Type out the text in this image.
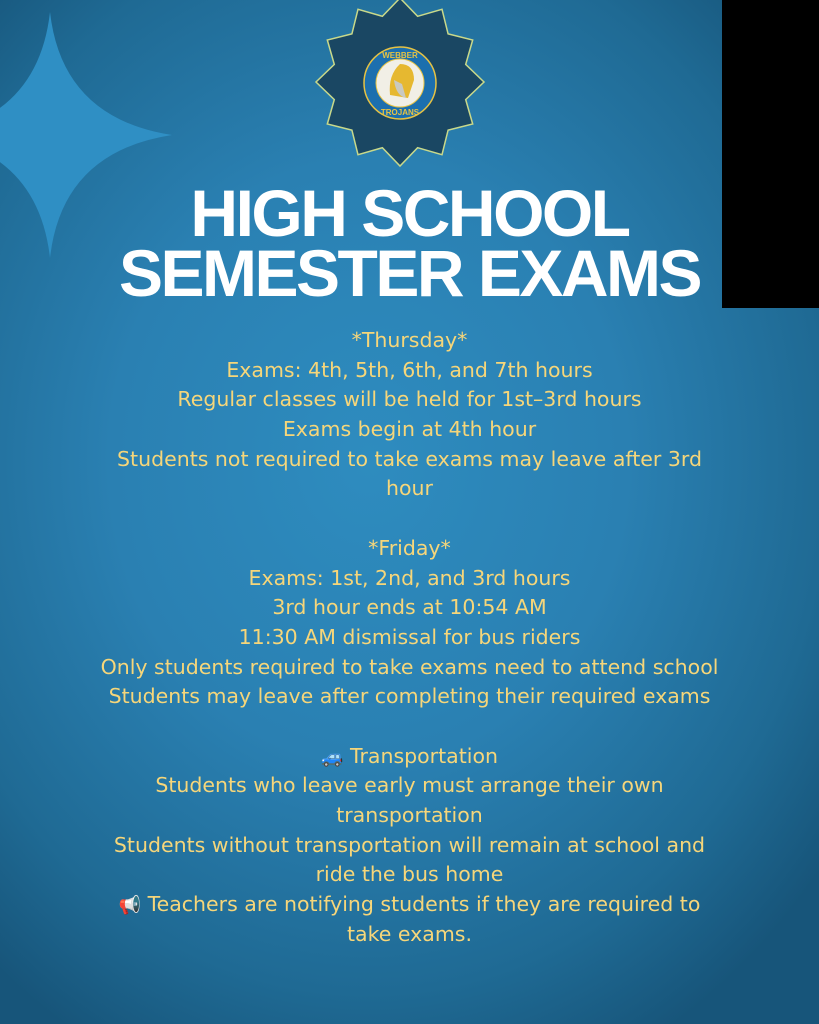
WEBBER
TROJANS
HIGH SCHOOL
SEMESTER EXAMS
*Thursday*
Exams: 4th, 5th, 6th, and 7th hours
Regular classes will be held for 1st–3rd hours
Exams begin at 4th hour
Students not required to take exams may leave after 3rd
hour
*Friday*
Exams: 1st, 2nd, and 3rd hours
3rd hour ends at 10:54 AM
11:30 AM dismissal for bus riders
Only students required to take exams need to attend school
Students may leave after completing their required exams
🚙 Transportation
Students who leave early must arrange their own
transportation
Students without transportation will remain at school and
ride the bus home
📢 Teachers are notifying students if they are required to
take exams.
